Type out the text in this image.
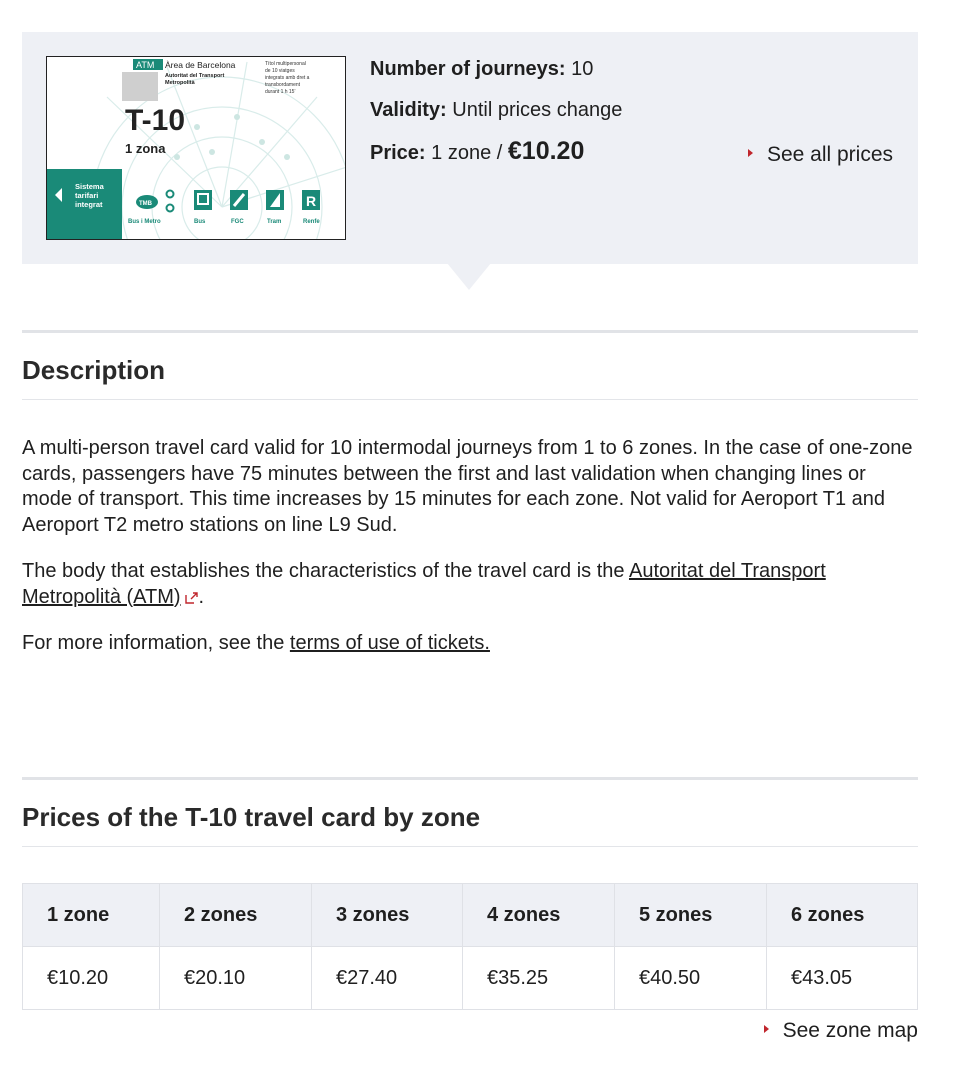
ATM Àrea de Barcelona
Autoritat del Transport
Metropolità
Títol multipersonal
de 10 viatges
integrats amb dret a
transbordament
durant 1 h 15'
T-10
1 zona
Sistema
tarifari
integrat	TMB	R
Bus i Metro	Bus	FGC	Tram	Renfe
Number of journeys: 10
Validity: Until prices change
Price: 1 zone / €10.20	See all prices
Description

A multi-person travel card valid for 10 intermodal journeys from 1 to 6 zones. In the case of one-zone cards, passengers have 75 minutes between the first and last validation when changing lines or mode of transport. This time increases by 15 minutes for each zone. Not valid for Aeroport T1 and Aeroport T2 metro stations on line L9 Sud.

The body that establishes the characteristics of the travel card is the Autoritat del Transport Metropolità (ATM) .

For more information, see the terms of use of tickets.

Prices of the T-10 travel card by zone
1 zone	2 zones	3 zones	4 zones	5 zones	6 zones
€10.20	€20.10	€27.40	€35.25	€40.50	€43.05
See zone map
